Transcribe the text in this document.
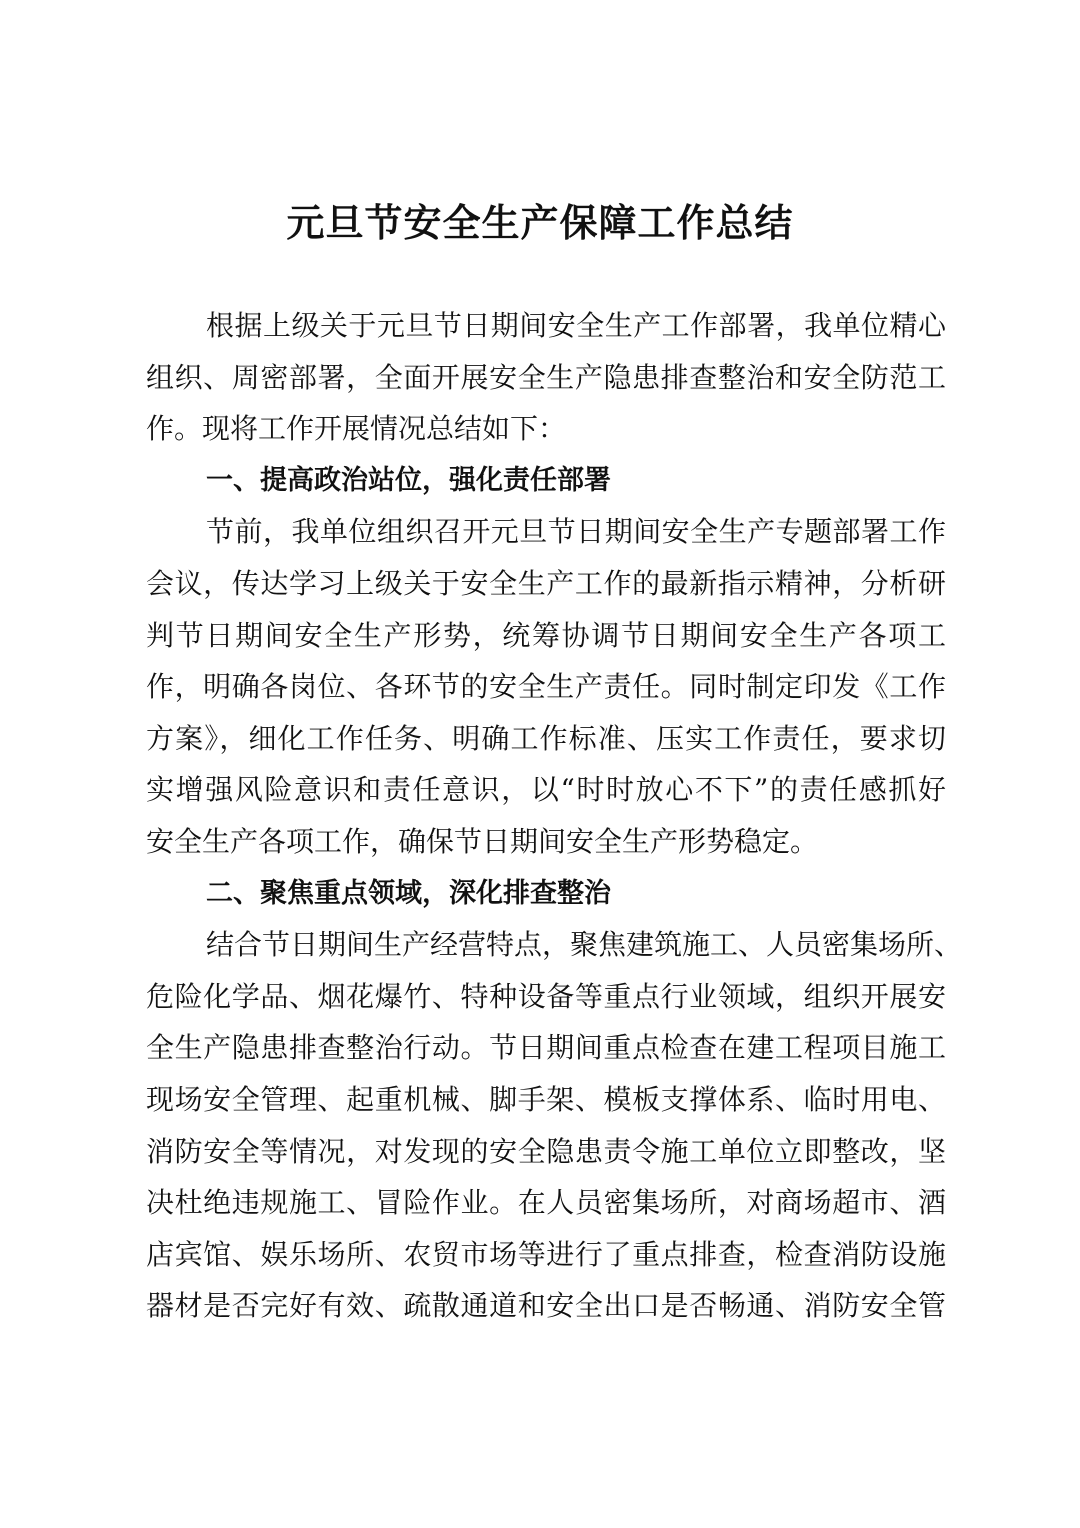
元旦节安全生产保障工作总结
根据上级关于元旦节日期间安全生产工作部署，我单位精心
组织、周密部署，全面开展安全生产隐患排查整治和安全防范工
作。现将工作开展情况总结如下：
一、提高政治站位，强化责任部署
节前，我单位组织召开元旦节日期间安全生产专题部署工作
会议，传达学习上级关于安全生产工作的最新指示精神，分析研
判节日期间安全生产形势，统筹协调节日期间安全生产各项工
作，明确各岗位、各环节的安全生产责任。同时制定印发《工作
方案》，细化工作任务、明确工作标准、压实工作责任，要求切
实增强风险意识和责任意识，以“时时放心不下”的责任感抓好
安全生产各项工作，确保节日期间安全生产形势稳定。
二、聚焦重点领域，深化排查整治
结合节日期间生产经营特点，聚焦建筑施工、人员密集场所、
危险化学品、烟花爆竹、特种设备等重点行业领域，组织开展安
全生产隐患排查整治行动。节日期间重点检查在建工程项目施工
现场安全管理、起重机械、脚手架、模板支撑体系、临时用电、
消防安全等情况，对发现的安全隐患责令施工单位立即整改，坚
决杜绝违规施工、冒险作业。在人员密集场所，对商场超市、酒
店宾馆、娱乐场所、农贸市场等进行了重点排查，检查消防设施
器材是否完好有效、疏散通道和安全出口是否畅通、消防安全管
